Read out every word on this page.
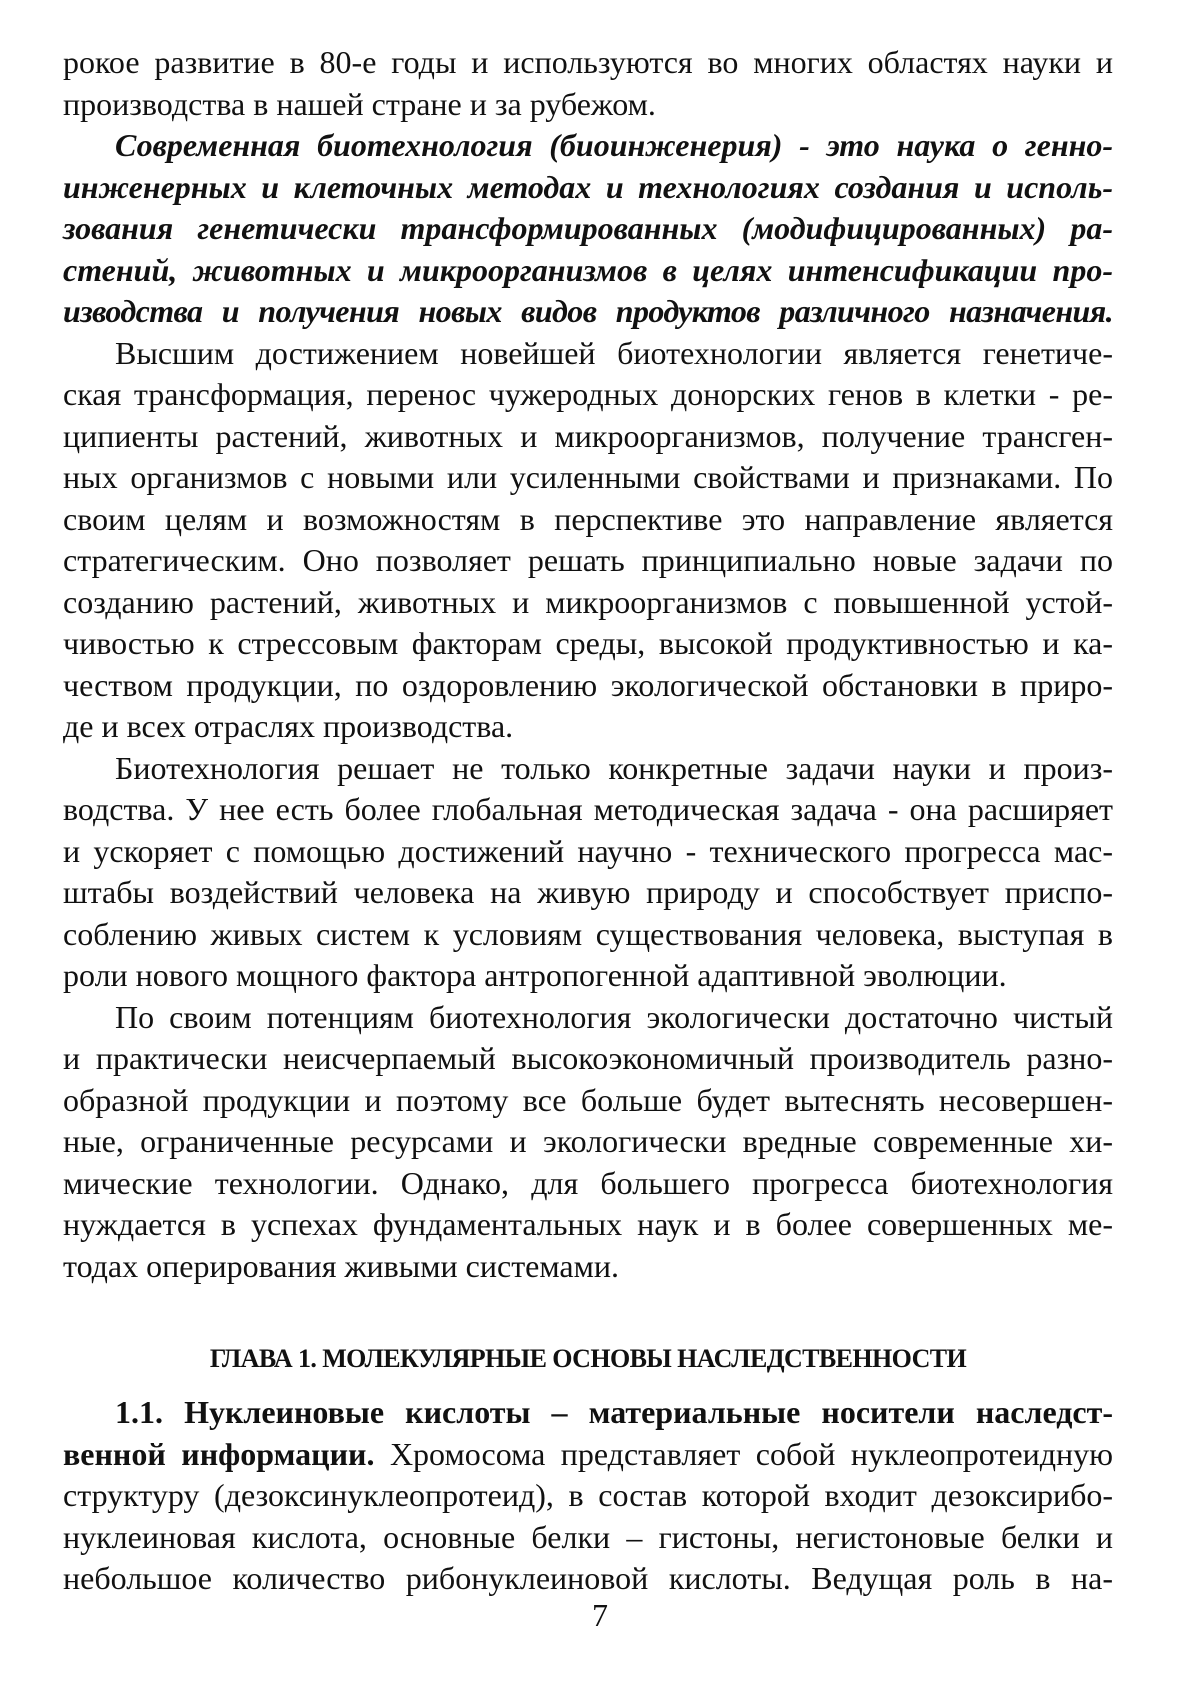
рокое развитие в 80-е годы и используются во многих областях науки и
производства в нашей стране и за рубежом.

Современная биотехнология (биоинженерия) - это наука о генно-
инженерных и клеточных методах и технологиях создания и исполь-
зования генетически трансформированных (модифицированных) ра-
стений, животных и микроорганизмов в целях интенсификации про-
изводства и получения новых видов продуктов различного назначения.

Высшим достижением новейшей биотехнологии является генетиче-
ская трансформация, перенос чужеродных донорских генов в клетки - ре-
ципиенты растений, животных и микроорганизмов, получение трансген-
ных организмов с новыми или усиленными свойствами и признаками. По
своим целям и возможностям в перспективе это направление является
стратегическим. Оно позволяет решать принципиально новые задачи по
созданию растений, животных и микроорганизмов с повышенной устой-
чивостью к стрессовым факторам среды, высокой продуктивностью и ка-
чеством продукции, по оздоровлению экологической обстановки в приро-
де и всех отраслях производства.

Биотехнология решает не только конкретные задачи науки и произ-
водства. У нее есть более глобальная методическая задача - она расширяет
и ускоряет с помощью достижений научно - технического прогресса мас-
штабы воздействий человека на живую природу и способствует приспо-
соблению живых систем к условиям существования человека, выступая в
роли нового мощного фактора антропогенной адаптивной эволюции.

По своим потенциям биотехнология экологически достаточно чистый
и практически неисчерпаемый высокоэкономичный производитель разно-
образной продукции и поэтому все больше будет вытеснять несовершен-
ные, ограниченные ресурсами и экологически вредные современные хи-
мические технологии. Однако, для большего прогресса биотехнология
нуждается в успехах фундаментальных наук и в более совершенных ме-
тодах оперирования живыми системами.

ГЛАВА 1. МОЛЕКУЛЯРНЫЕ ОСНОВЫ НАСЛЕДСТВЕННОСТИ

1.1. Нуклеиновые кислоты – материальные носители наследст-
венной информации. Хромосома представляет собой нуклеопротеидную
структуру (дезоксинуклеопротеид), в состав которой входит дезоксирибо-
нуклеиновая кислота, основные белки – гистоны, негистоновые белки и
небольшое количество рибонуклеиновой кислоты. Ведущая роль в на-

7
